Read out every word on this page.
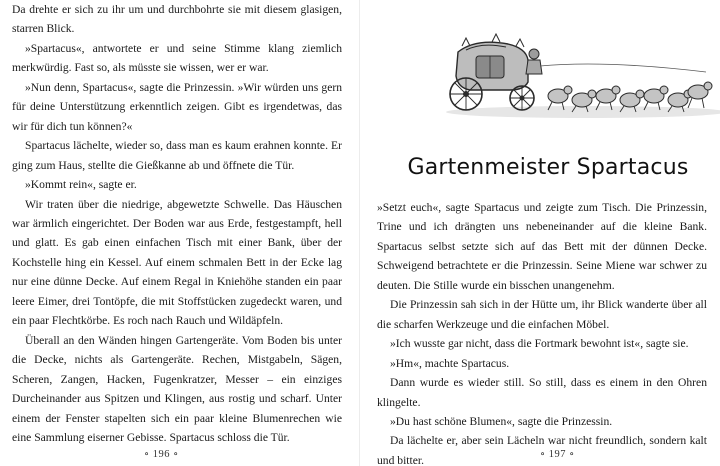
Da drehte er sich zu ihr um und durchbohrte sie mit diesem glasigen, starren Blick.
»Spartacus«, antwortete er und seine Stimme klang ziemlich merkwürdig. Fast so, als müsste sie wissen, wer er war.
»Nun denn, Spartacus«, sagte die Prinzessin. »Wir würden uns gern für deine Unterstützung erkenntlich zeigen. Gibt es irgendetwas, das wir für dich tun können?«
Spartacus lächelte, wieder so, dass man es kaum erahnen konnte. Er ging zum Haus, stellte die Gießkanne ab und öffnete die Tür.
»Kommt rein«, sagte er.
Wir traten über die niedrige, abgewetzte Schwelle. Das Häuschen war ärmlich eingerichtet. Der Boden war aus Erde, festgestampft, hell und glatt. Es gab einen einfachen Tisch mit einer Bank, über der Kochstelle hing ein Kessel. Auf einem schmalen Bett in der Ecke lag nur eine dünne Decke. Auf einem Regal in Kniehöhe standen ein paar leere Eimer, drei Tontöpfe, die mit Stoffstücken zugedeckt waren, und ein paar Flechtkörbe. Es roch nach Rauch und Wildäpfeln.
Überall an den Wänden hingen Gartengeräte. Vom Boden bis unter die Decke, nichts als Gartengeräte. Rechen, Mistgabeln, Sägen, Scheren, Zangen, Hacken, Fugenkratzer, Messer – ein einziges Durcheinander aus Spitzen und Klingen, aus rostig und scharf. Unter einem der Fenster stapelten sich ein paar kleine Blumenrechen wie eine Sammlung eiserner Gebisse. Spartacus schloss die Tür.
∘ 196 ∘
Gartenmeister Spartacus
»Setzt euch«, sagte Spartacus und zeigte zum Tisch. Die Prinzessin, Trine und ich drängten uns nebeneinander auf die kleine Bank. Spartacus selbst setzte sich auf das Bett mit der dünnen Decke. Schweigend betrachtete er die Prinzessin. Seine Miene war schwer zu deuten. Die Stille wurde ein bisschen unangenehm.
Die Prinzessin sah sich in der Hütte um, ihr Blick wanderte über all die scharfen Werkzeuge und die einfachen Möbel.
»Ich wusste gar nicht, dass die Fortmark bewohnt ist«, sagte sie.
»Hm«, machte Spartacus.
Dann wurde es wieder still. So still, dass es einem in den Ohren klingelte.
»Du hast schöne Blumen«, sagte die Prinzessin.
Da lächelte er, aber sein Lächeln war nicht freundlich, sondern kalt und bitter.	∘ 197 ∘
